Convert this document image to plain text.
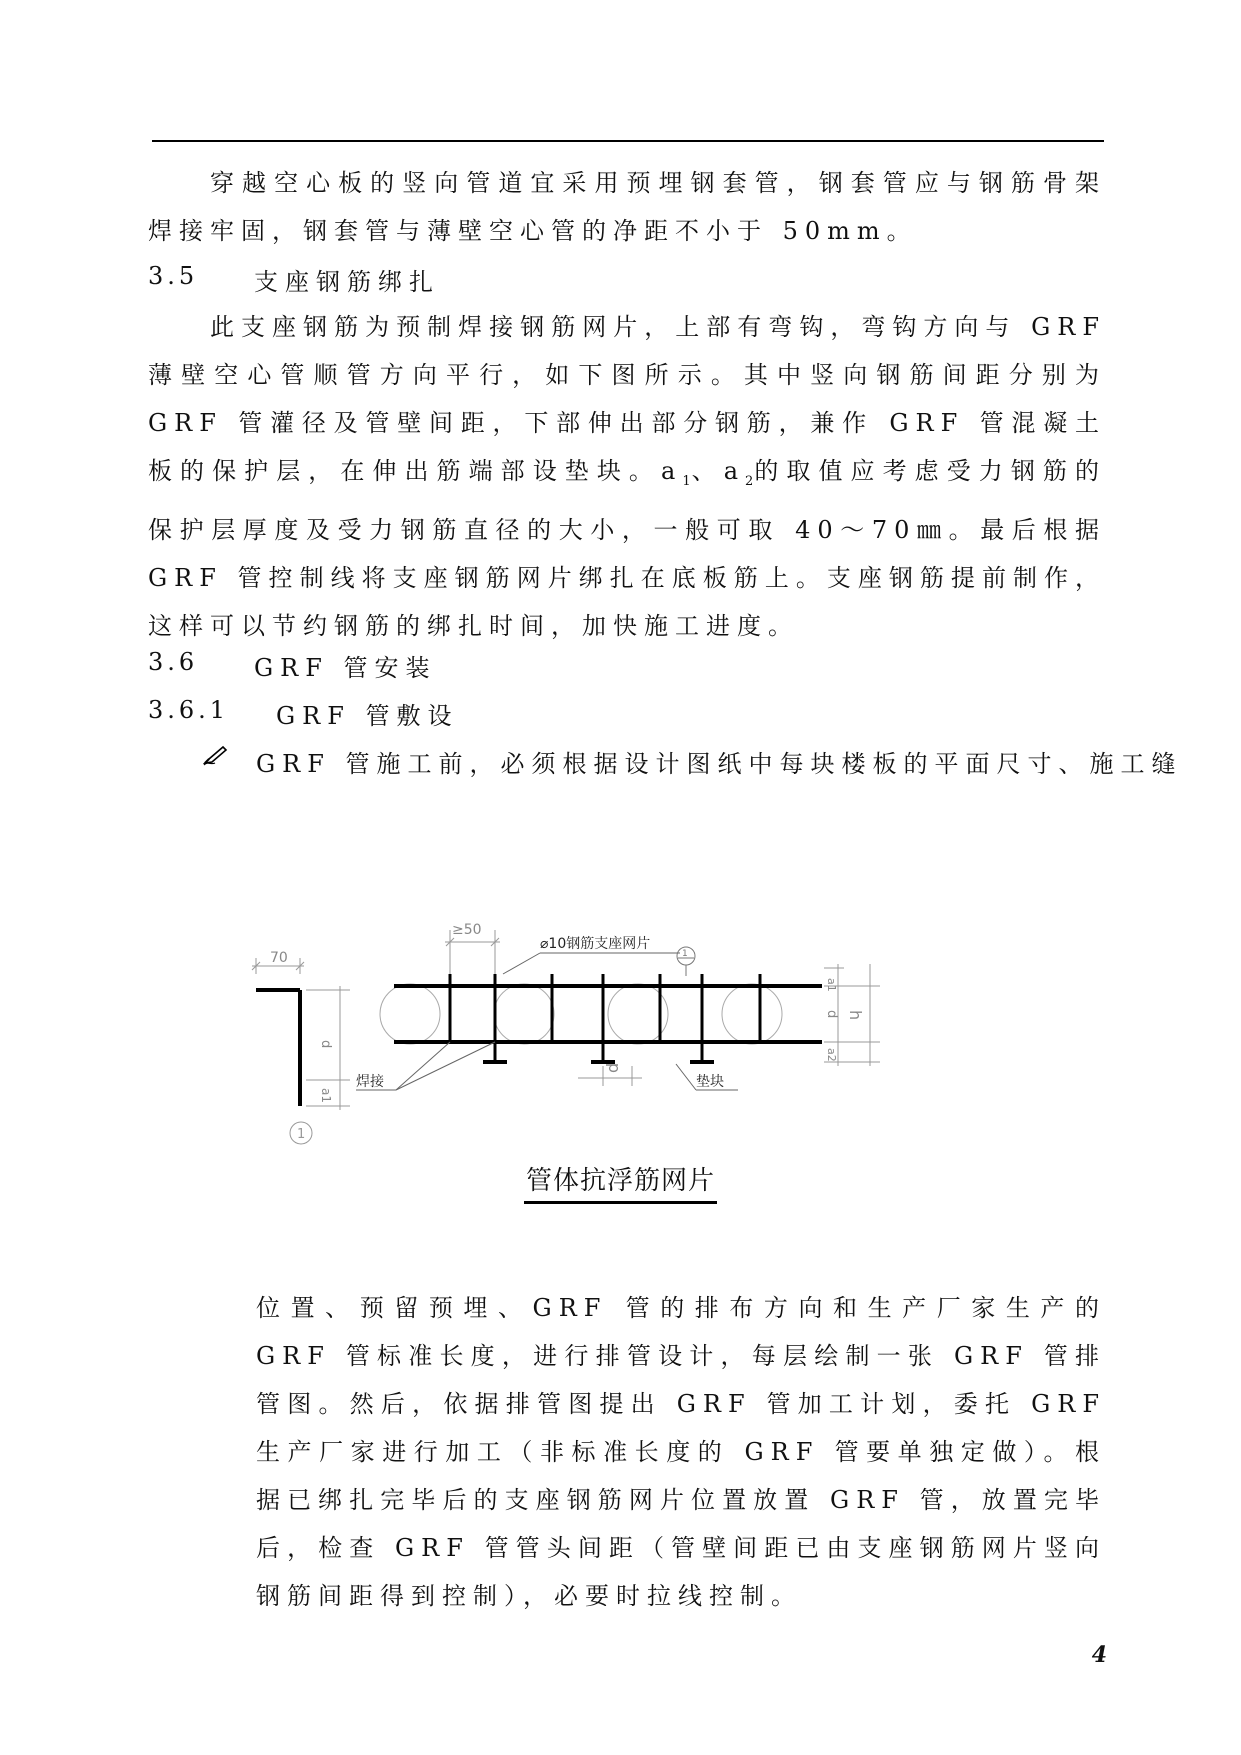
穿越空心板的竖向管道宜采用预埋钢套管，钢套管应与钢筋骨架焊接牢固，钢套管与薄壁空心管的净距不小于 50mm。

3.5 支座钢筋绑扎

此支座钢筋为预制焊接钢筋网片，上部有弯钩，弯钩方向与 GRF 薄壁空心管顺管方向平行，如下图所示。其中竖向钢筋间距分别为 GRF 管灌径及管壁间距，下部伸出部分钢筋，兼作 GRF 管混凝土板的保护层，在伸出筋端部设垫块。$a_1$、$a_2$的取值应考虑受力钢筋的保护层厚度及受力钢筋直径的大小，一般可取 40～70㎜。最后根据 GRF 管控制线将支座钢筋网片绑扎在底板筋上。支座钢筋提前制作，这样可以节约钢筋的绑扎时间，加快施工进度。

3.6 GRF 管安装
3.6.1 GRF 管敷设
GRF 管施工前，必须根据设计图纸中每块楼板的平面尺寸、施工缝
70
d
a1
1
≥50
⌀10钢筋支座网片
1
焊接	垫块
d
a1
d
a2
h
管体抗浮筋网片

位置、预留预埋、GRF 管的排布方向和生产厂家生产的 GRF 管标准长度，进行排管设计，每层绘制一张 GRF 管排管图。然后，依据排管图提出 GRF 管加工计划，委托 GRF 生产厂家进行加工（非标准长度的 GRF 管要单独定做）。根据已绑扎完毕后的支座钢筋网片位置放置 GRF 管，放置完毕后，检查 GRF 管管头间距（管壁间距已由支座钢筋网片竖向钢筋间距得到控制），必要时拉线控制。

4
